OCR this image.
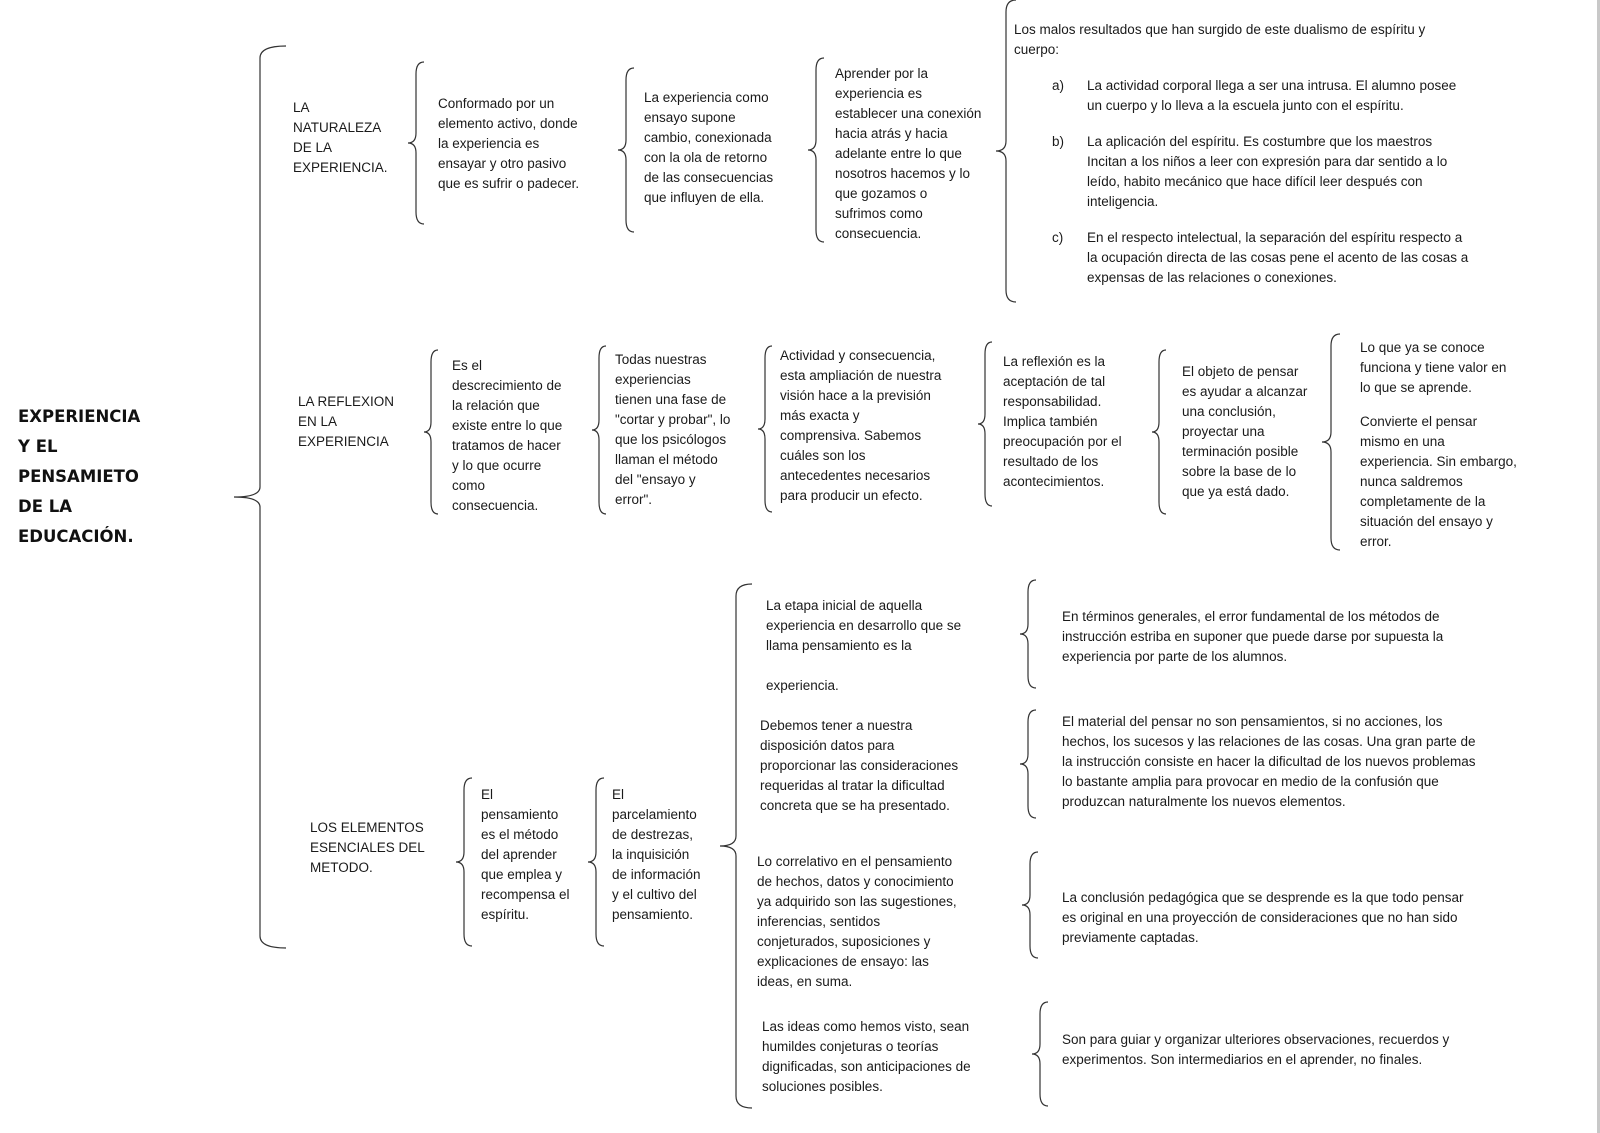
EXPERIENCIA
Y EL
PENSAMIETO
DE LA
EDUCACIÓN.
LA
NATURALEZA
DE LA
EXPERIENCIA.
Conformado por un
elemento activo, donde
la experiencia es
ensayar y otro pasivo
que es sufrir o padecer.
La experiencia como
ensayo supone
cambio, conexionada
con la ola de retorno
de las consecuencias
que influyen de ella.
Aprender por la
experiencia es
establecer una conexión
hacia atrás y hacia
adelante entre lo que
nosotros hacemos y lo
que gozamos o
sufrimos como
consecuencia.
Los malos resultados que han surgido de este dualismo de espíritu y
cuerpo:
a) La actividad corporal llega a ser una intrusa. El alumno posee
un cuerpo y lo lleva a la escuela junto con el espíritu.
b) La aplicación del espíritu. Es costumbre que los maestros
Incitan a los niños a leer con expresión para dar sentido a lo
leído, habito mecánico que hace difícil leer después con
inteligencia.
c) En el respecto intelectual, la separación del espíritu respecto a
la ocupación directa de las cosas pene el acento de las cosas a
expensas de las relaciones o conexiones.
LA REFLEXION
EN LA
EXPERIENCIA
Es el
descrecimiento de
la relación que
existe entre lo que
tratamos de hacer
y lo que ocurre
como
consecuencia.
Todas nuestras
experiencias
tienen una fase de
"cortar y probar", lo
que los psicólogos
llaman el método
del "ensayo y
error".
Actividad y consecuencia,
esta ampliación de nuestra
visión hace a la previsión
más exacta y
comprensiva. Sabemos
cuáles son los
antecedentes necesarios
para producir un efecto.
La reflexión es la
aceptación de tal
responsabilidad.
Implica también
preocupación por el
resultado de los
acontecimientos.
El objeto de pensar
es ayudar a alcanzar
una conclusión,
proyectar una
terminación posible
sobre la base de lo
que ya está dado.
Lo que ya se conoce
funciona y tiene valor en
lo que se aprende.
Convierte el pensar
mismo en una
experiencia. Sin embargo,
nunca saldremos
completamente de la
situación del ensayo y
error.
LOS ELEMENTOS
ESENCIALES DEL
METODO.
El
pensamiento
es el método
del aprender
que emplea y
recompensa el
espíritu.
El
parcelamiento
de destrezas,
la inquisición
de información
y el cultivo del
pensamiento.
La etapa inicial de aquella
experiencia en desarrollo que se
llama pensamiento es la

experiencia.
Debemos tener a nuestra
disposición datos para
proporcionar las consideraciones
requeridas al tratar la dificultad
concreta que se ha presentado.
Lo correlativo en el pensamiento
de hechos, datos y conocimiento
ya adquirido son las sugestiones,
inferencias, sentidos
conjeturados, suposiciones y
explicaciones de ensayo: las
ideas, en suma.
Las ideas como hemos visto, sean
humildes conjeturas o teorías
dignificadas, son anticipaciones de
soluciones posibles.
En términos generales, el error fundamental de los métodos de
instrucción estriba en suponer que puede darse por supuesta la
experiencia por parte de los alumnos.
El material del pensar no son pensamientos, si no acciones, los
hechos, los sucesos y las relaciones de las cosas. Una gran parte de
la instrucción consiste en hacer la dificultad de los nuevos problemas
lo bastante amplia para provocar en medio de la confusión que
produzcan naturalmente los nuevos elementos.
La conclusión pedagógica que se desprende es la que todo pensar
es original en una proyección de consideraciones que no han sido
previamente captadas.
Son para guiar y organizar ulteriores observaciones, recuerdos y
experimentos. Son intermediarios en el aprender, no finales.
